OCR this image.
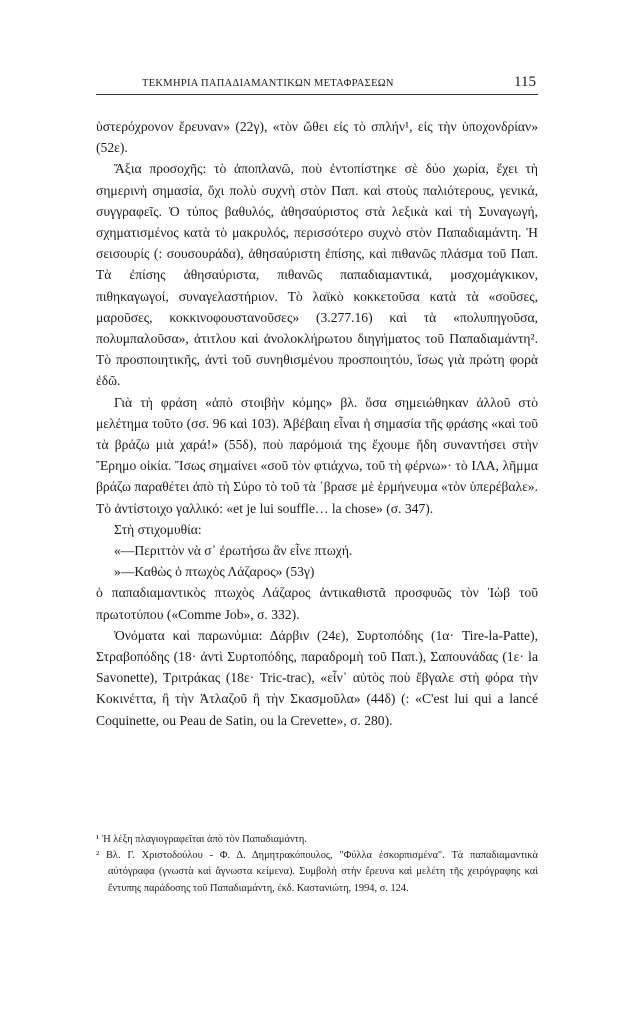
ΤΕΚΜΗΡΙΑ ΠΑΠΑΔΙΑΜΑΝΤΙΚΩΝ ΜΕΤΑΦΡΑΣΕΩΝ	115

ὑστερόχρονον ἔρευναν» (22γ), «τὸν ὤθει εἰς τὸ σπλήν¹, εἰς τὴν ὑποχονδρίαν» (52ε).

Ἄξια προσοχῆς: τὸ ἀποπλανῶ, ποὺ ἐντοπίστηκε σὲ δύο χωρία, ἔχει τὴ σημερινὴ σημασία, ὄχι πολὺ συχνὴ στὸν Παπ. καὶ στοὺς παλιότερους, γενικά, συγγραφεῖς. Ὁ τύπος βαθυλός, ἀθησαύριστος στὰ λεξικὰ καὶ τὴ Συναγωγή, σχηματισμένος κατὰ τὸ μακρυλός, περισσότερο συχνὸ στὸν Παπαδιαμάντη. Ἡ σεισουρίς (: σουσουράδα), ἀθησαύριστη ἐπίσης, καὶ πιθανῶς πλάσμα τοῦ Παπ. Τὰ ἐπίσης ἀθησαύριστα, πιθανῶς παπαδιαμαντικά, μοσχομάγκικον, πιθηκαγωγοί, συναγελαστήριον. Τὸ λαϊκὸ κοκκετοῦσα κατὰ τὰ «σοῦσες, μαροῦσες, κοκκινοφουστανοῦσες» (3.277.16) καὶ τὰ «πολυπηγοῦσα, πολυμπαλοῦσα», ἀτιτλου καὶ ἀνολοκλήρωτου διηγήματος τοῦ Παπαδιαμάντη². Τὸ προσποιητικῆς, ἀντὶ τοῦ συνηθισμένου προσποιητόυ, ἴσως γιὰ πρώτη φορὰ ἐδῶ.

Γιὰ τὴ φράση «ἀπὸ στοιβὴν κόμης» βλ. ὅσα σημειώθηκαν ἀλλοῦ στὸ μελέτημα τοῦτο (σσ. 96 καὶ 103). Ἀβέβαιη εἶναι ἡ σημασία τῆς φράσης «καὶ τοῦ τὰ βράζω μιὰ χαρά!» (55δ), ποὺ παρόμοιά της ἔχουμε ἤδη συναντήσει στὴν Ἔρημο οἰκία. Ἴσως σημαίνει «σοῦ τὸν φτιάχνω, τοῦ τὴ φέρνω»· τὸ ΙΛΑ, λῆμμα βράζω παραθέτει ἀπὸ τὴ Σύρο τὸ τοῦ τὰ ᾽βρασε μὲ ἑρμήνευμα «τὸν ὑπερέβαλε». Τὸ ἀντίστοιχο γαλλικό: «et je lui souffle… la chose» (σ. 347).

Στὴ στιχομυθία:

«—Περιττὸν νὰ σ᾽ ἐρωτήσω ἂν εἶνε πτωχή.

»—Καθὼς ὁ πτωχὸς Λάζαρος» (53γ)

ὁ παπαδιαμαντικὸς πτωχὸς Λάζαρος ἀντικαθιστᾶ προσφυῶς τὸν Ἰὼβ τοῦ πρωτοτύπου («Comme Job», σ. 332).

Ὀνόματα καὶ παρωνύμια: Δάρβιν (24ε), Συρτοπόδης (1α· Tire-la-Patte), Στραβοπόδης (18· ἀντὶ Συρτοπόδης, παραδρομὴ τοῦ Παπ.), Σαπουνάδας (1ε· la Savonette), Τριτράκας (18ε· Tric-trac), «εἶν᾽ αὐτὸς ποὺ ἔβγαλε στὴ φόρα τὴν Κοκινέττα, ἢ τὴν Ἀτλαζοῦ ἢ τὴν Σκασμοῦλα» (44δ) (: «C'est lui qui a lancé Coquinette, ou Peau de Satin, ou la Crevette», σ. 280).

¹ Ἡ λέξη πλαγιογραφεῖται ἀπὸ τὸν Παπαδιαμάντη.

² Βλ. Γ. Χριστοδούλου - Φ. Δ. Δημητρακόπουλος, "Φύλλα ἐσκορπισμένα". Τὰ παπαδιαμαντικὰ αὐτόγραφα (γνωστὰ καὶ ἄγνωστα κείμενα). Συμβολὴ στὴν ἔρευνα καὶ μελέτη τῆς χειρόγραφης καὶ ἔντυπης παράδοσης τοῦ Παπαδιαμάντη, ἐκδ. Καστανιώτη, 1994, σ. 124.
